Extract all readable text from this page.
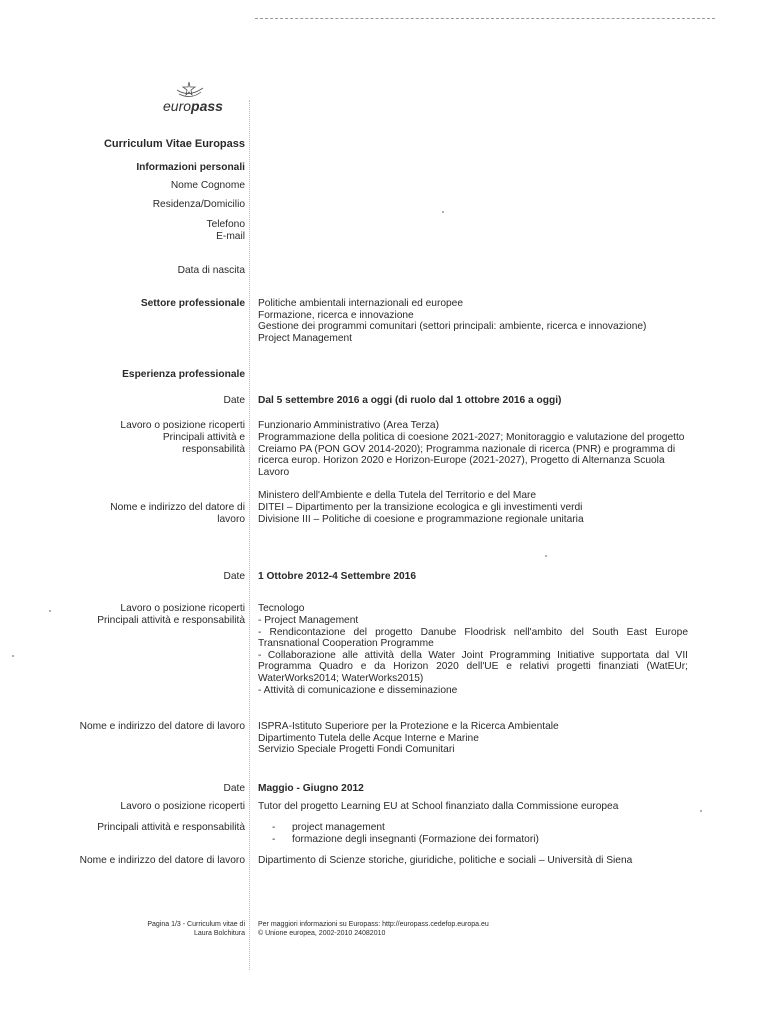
europass
Curriculum Vitae Europass
Informazioni personali
Nome Cognome
Residenza/Domicilio
Telefono
E-mail
Data di nascita
Settore professionale Politiche ambientali internazionali ed europee
Formazione, ricerca e innovazione
Gestione dei programmi comunitari (settori principali: ambiente, ricerca e innovazione)
Project Management
Esperienza professionale
Date Dal 5 settembre 2016 a oggi (di ruolo dal 1 ottobre 2016 a oggi)
Lavoro o posizione ricoperti Funzionario Amministrativo (Area Terza)
Principali attività e
responsabilità
Programmazione della politica di coesione 2021-2027; Monitoraggio e valutazione del progetto Creiamo PA (PON GOV 2014-2020); Programma nazionale di ricerca (PNR) e programma di ricerca europ. Horizon 2020 e Horizon-Europe (2021-2027), Progetto di Alternanza Scuola Lavoro
Ministero dell'Ambiente e della Tutela del Territorio e del Mare
Nome e indirizzo del datore di
lavoro
DITEI – Dipartimento per la transizione ecologica e gli investimenti verdi
Divisione III – Politiche di coesione e programmazione regionale unitaria
Date 1 Ottobre 2012-4 Settembre 2016
Lavoro o posizione ricoperti Tecnologo
Principali attività e responsabilità - Project Management
- Rendicontazione del progetto Danube Floodrisk nell'ambito del South East Europe Transnational Cooperation Programme
- Collaborazione alle attività della Water Joint Programming Initiative supportata dal VII Programma Quadro e da Horizon 2020 dell'UE e relativi progetti finanziati (WatEUr; WaterWorks2014; WaterWorks2015)
- Attività di comunicazione e disseminazione
Nome e indirizzo del datore di lavoro ISPRA-Istituto Superiore per la Protezione e la Ricerca Ambientale
Dipartimento Tutela delle Acque Interne e Marine
Servizio Speciale Progetti Fondi Comunitari
Date Maggio - Giugno 2012
Lavoro o posizione ricoperti Tutor del progetto Learning EU at School finanziato dalla Commissione europea
Principali attività e responsabilità
-	project management
- formazione degli insegnanti (Formazione dei formatori)
Nome e indirizzo del datore di lavoro Dipartimento di Scienze storiche, giuridiche, politiche e sociali – Università di Siena
Pagina 1/3 - Curriculum vitae di
Laura Bolchitura
Per maggiori informazioni su Europass: http://europass.cedefop.europa.eu
© Unione europea, 2002-2010 24082010
